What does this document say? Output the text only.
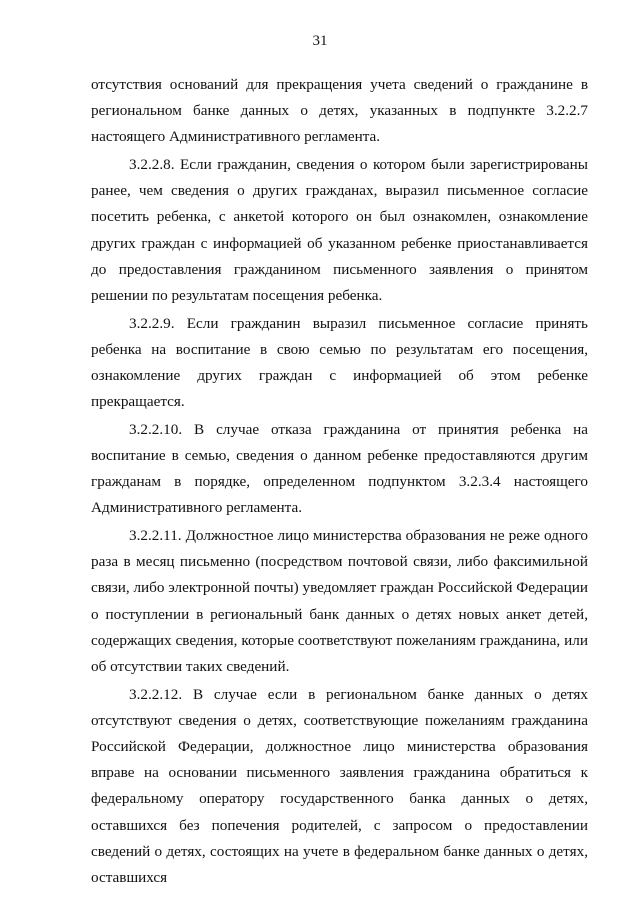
31

отсутствия оснований для прекращения учета сведений о гражданине в региональном банке данных о детях, указанных в подпункте 3.2.2.7 настоящего Административного регламента.

3.2.2.8. Если гражданин, сведения о котором были зарегистрированы ранее, чем сведения о других гражданах, выразил письменное согласие посетить ребенка, с анкетой которого он был ознакомлен, ознакомление других граждан с информацией об указанном ребенке приостанавливается до предоставления гражданином письменного заявления о принятом решении по результатам посещения ребенка.

3.2.2.9. Если гражданин выразил письменное согласие принять ребенка на воспитание в свою семью по результатам его посещения, ознакомление других граждан с информацией об этом ребенке прекращается.

3.2.2.10. В случае отказа гражданина от принятия ребенка на воспитание в семью, сведения о данном ребенке предоставляются другим гражданам в порядке, определенном подпунктом 3.2.3.4 настоящего Административного регламента.

3.2.2.11. Должностное лицо министерства образования не реже одного раза в месяц письменно (посредством почтовой связи, либо факсимильной связи, либо электронной почты) уведомляет граждан Российской Федерации о поступлении в региональный банк данных о детях новых анкет детей, содержащих сведения, которые соответствуют пожеланиям гражданина, или об отсутствии таких сведений.

3.2.2.12. В случае если в региональном банке данных о детях отсутствуют сведения о детях, соответствующие пожеланиям гражданина Российской Федерации, должностное лицо министерства образования вправе на основании письменного заявления гражданина обратиться к федеральному оператору государственного банка данных о детях, оставшихся без попечения родителей, с запросом о предоставлении сведений о детях, состоящих на учете в федеральном банке данных о детях, оставшихся
